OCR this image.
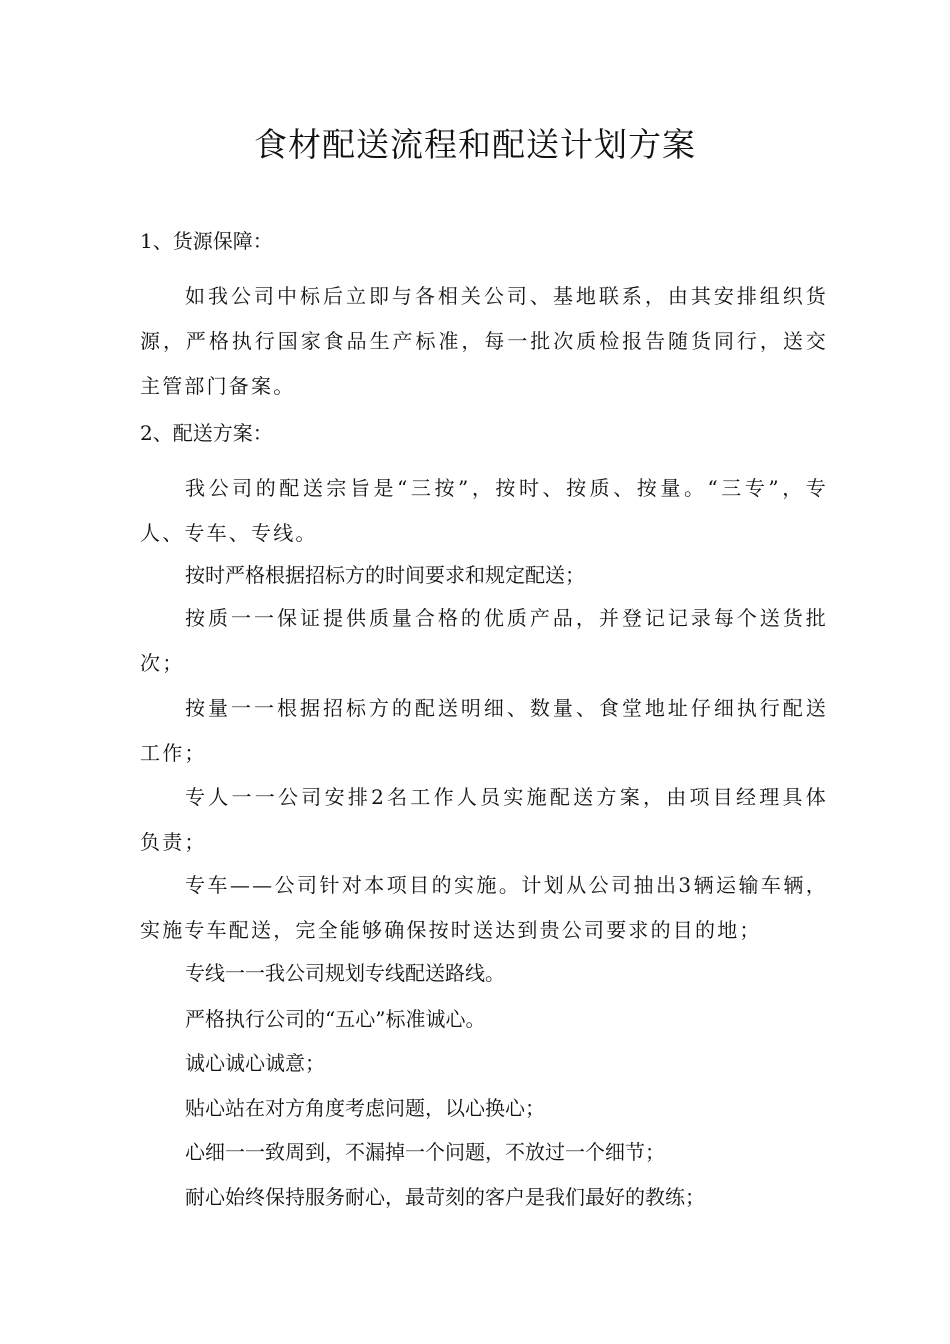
食材配送流程和配送计划方案

1、货源保障：

如我公司中标后立即与各相关公司、基地联系，由其安排组织货源，严格执行国家食品生产标准，每一批次质检报告随货同行，送交 主管部门备案。

2、配送方案：

我公司的配送宗旨是“三按”，按时、按质、按量。“三专”，专人、专车、专线。

按时严格根据招标方的时间要求和规定配送；

按质一一保证提供质量合格的优质产品，并登记记录每个送货批次；

按量一一根据招标方的配送明细、数量、食堂地址仔细执行配送 工作；

专人一一公司安排2名工作人员实施配送方案，由项目经理具体 负责；

专车——公司针对本项目的实施。计划从公司抽出3辆运输车辆，实施专车配送，完全能够确保按时送达到贵公司要求的目的地；

专线一一我公司规划专线配送路线。

严格执行公司的“五心”标准诚心。

诚心诚心诚意；

贴心站在对方角度考虑问题，以心换心；

心细一一致周到，不漏掉一个问题，不放过一个细节；

耐心始终保持服务耐心，最苛刻的客户是我们最好的教练；
